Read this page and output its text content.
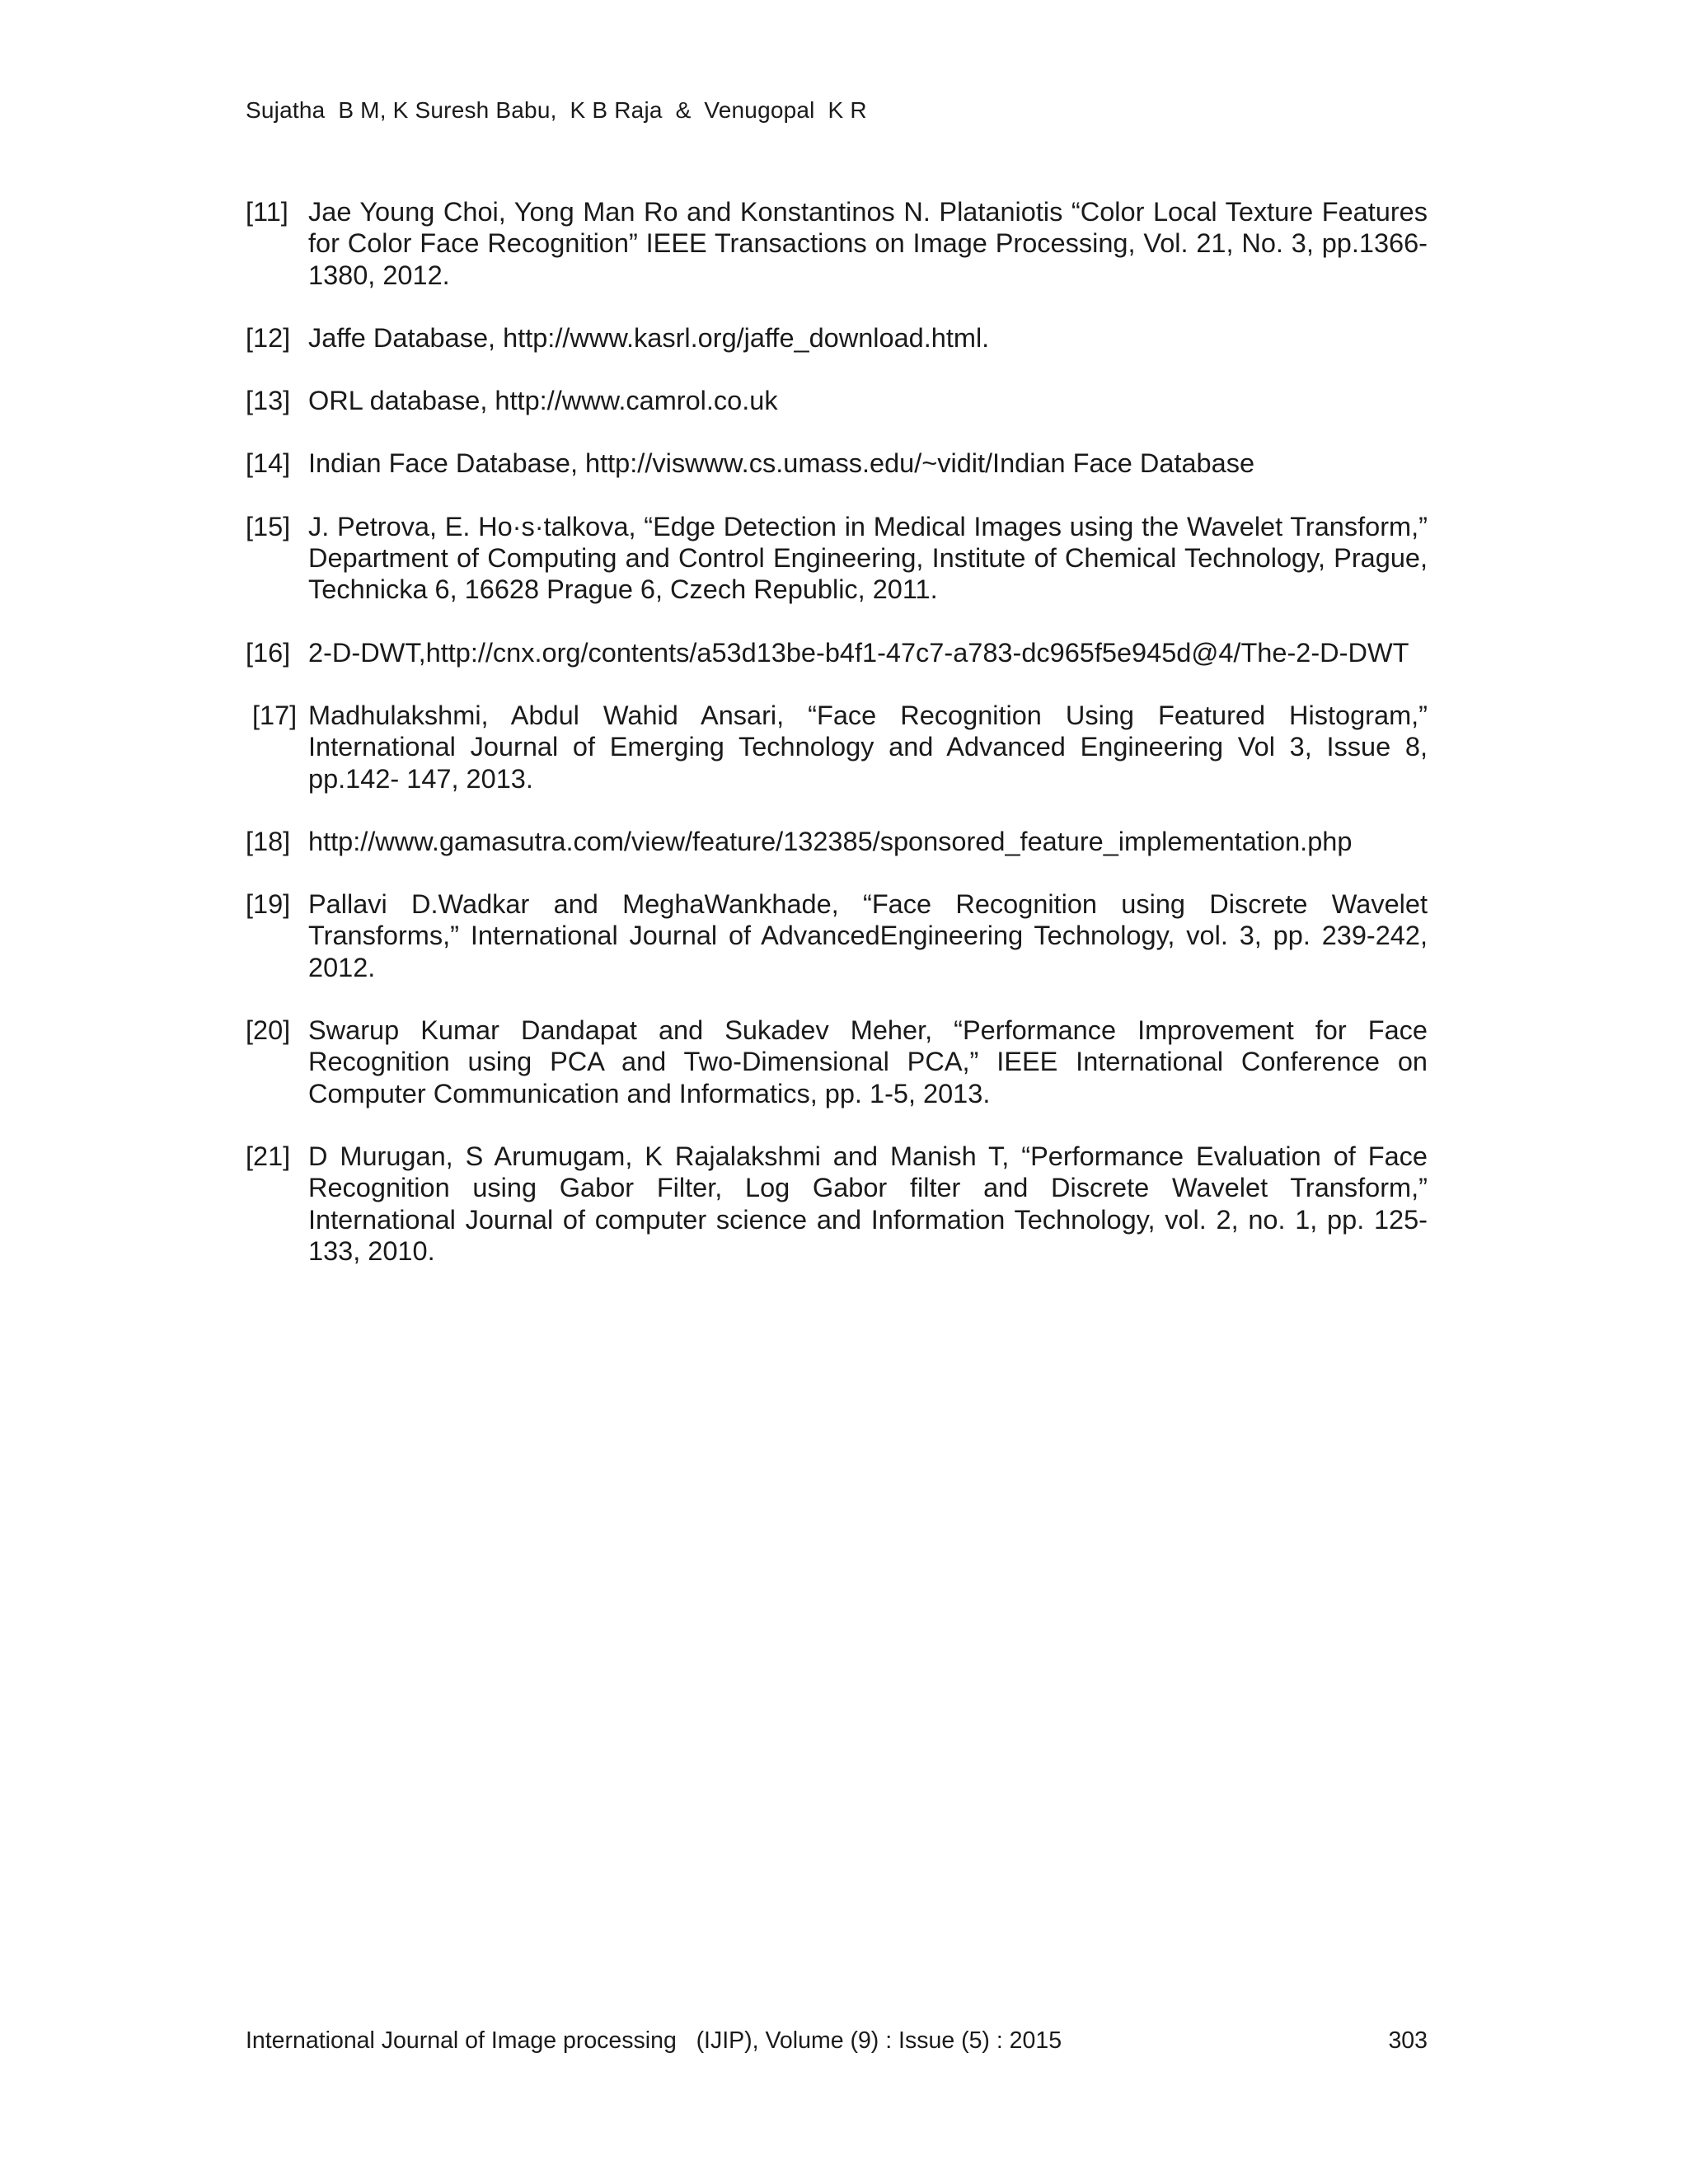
Sujatha  B M, K Suresh Babu,  K B Raja  &  Venugopal  K R
[11] Jae Young Choi, Yong Man Ro and Konstantinos N. Plataniotis “Color Local Texture Features for Color Face Recognition” IEEE Transactions on Image Processing, Vol. 21, No. 3, pp.1366-1380, 2012.
[12] Jaffe Database, http://www.kasrl.org/jaffe_download.html.
[13] ORL database, http://www.camrol.co.uk
[14] Indian Face Database, http://viswww.cs.umass.edu/~vidit/Indian Face Database
[15] J. Petrova, E. Ho·s·talkova, “Edge Detection in Medical Images using the Wavelet Transform,” Department of Computing and Control Engineering, Institute of Chemical Technology, Prague, Technicka 6, 16628 Prague 6, Czech Republic, 2011.
[16] 2-D-DWT,http://cnx.org/contents/a53d13be-b4f1-47c7-a783-dc965f5e945d@4/The-2-D-DWT
[17] Madhulakshmi, Abdul Wahid Ansari, “Face Recognition Using Featured Histogram,” International Journal of Emerging Technology and Advanced Engineering Vol 3, Issue 8, pp.142- 147, 2013.
[18] http://www.gamasutra.com/view/feature/132385/sponsored_feature_implementation.php
[19] Pallavi D.Wadkar and MeghaWankhade, “Face Recognition using Discrete Wavelet Transforms,” International Journal of AdvancedEngineering Technology, vol. 3, pp. 239-242, 2012.
[20] Swarup Kumar Dandapat and Sukadev Meher, “Performance Improvement for Face Recognition using PCA and Two-Dimensional PCA,” IEEE International Conference on Computer Communication and Informatics, pp. 1-5, 2013.
[21] D Murugan, S Arumugam, K Rajalakshmi and Manish T, “Performance Evaluation of Face Recognition using Gabor Filter, Log Gabor filter and Discrete Wavelet Transform,” International Journal of computer science and Information Technology, vol. 2, no. 1, pp. 125-133, 2010.
International Journal of Image processing   (IJIP), Volume (9) : Issue (5) : 2015	303
